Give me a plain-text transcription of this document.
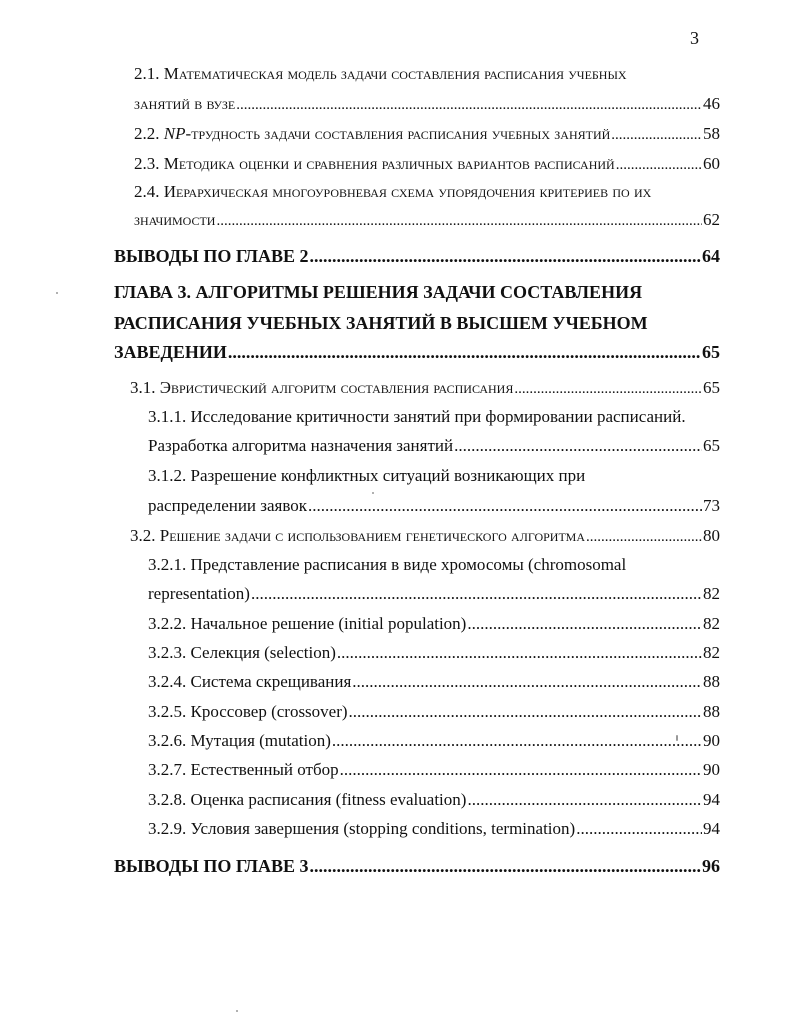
3
2.1. Математическая модель задачи составления расписания учебных
занятий в вузе .....	46
2.2. NP-трудность задачи составления расписания учебных занятий .....	58
2.3. Методика оценки и сравнения различных вариантов расписаний .....	60
2.4. Иерархическая многоуровневая схема упорядочения критериев по их
значимости .....	62
ВЫВОДЫ ПО ГЛАВЕ 2 .....	64
ГЛАВА 3. АЛГОРИТМЫ РЕШЕНИЯ ЗАДАЧИ СОСТАВЛЕНИЯ
РАСПИСАНИЯ УЧЕБНЫХ ЗАНЯТИЙ В ВЫСШЕМ УЧЕБНОМ
ЗАВЕДЕНИИ .....	65
3.1. Эвристический алгоритм составления расписания .....	65
3.1.1. Исследование критичности занятий при формировании расписаний.
Разработка алгоритма назначения занятий .....	65
3.1.2. Разрешение конфликтных ситуаций возникающих при
распределении заявок .....	73
3.2. Решение задачи с использованием генетического алгоритма .....	80
3.2.1. Представление расписания в виде хромосомы (chromosomal
representation) .....	82
3.2.2. Начальное решение (initial population) .....	82
3.2.3. Селекция (selection) .....	82
3.2.4. Система скрещивания .....	88
3.2.5. Кроссовер (crossover) .....	88
3.2.6. Мутация (mutation) .....	90
3.2.7. Естественный отбор .....	90
3.2.8. Оценка расписания (fitness evaluation) .....	94
3.2.9. Условия завершения (stopping conditions, termination) .....	94
ВЫВОДЫ ПО ГЛАВЕ 3 .....	96
